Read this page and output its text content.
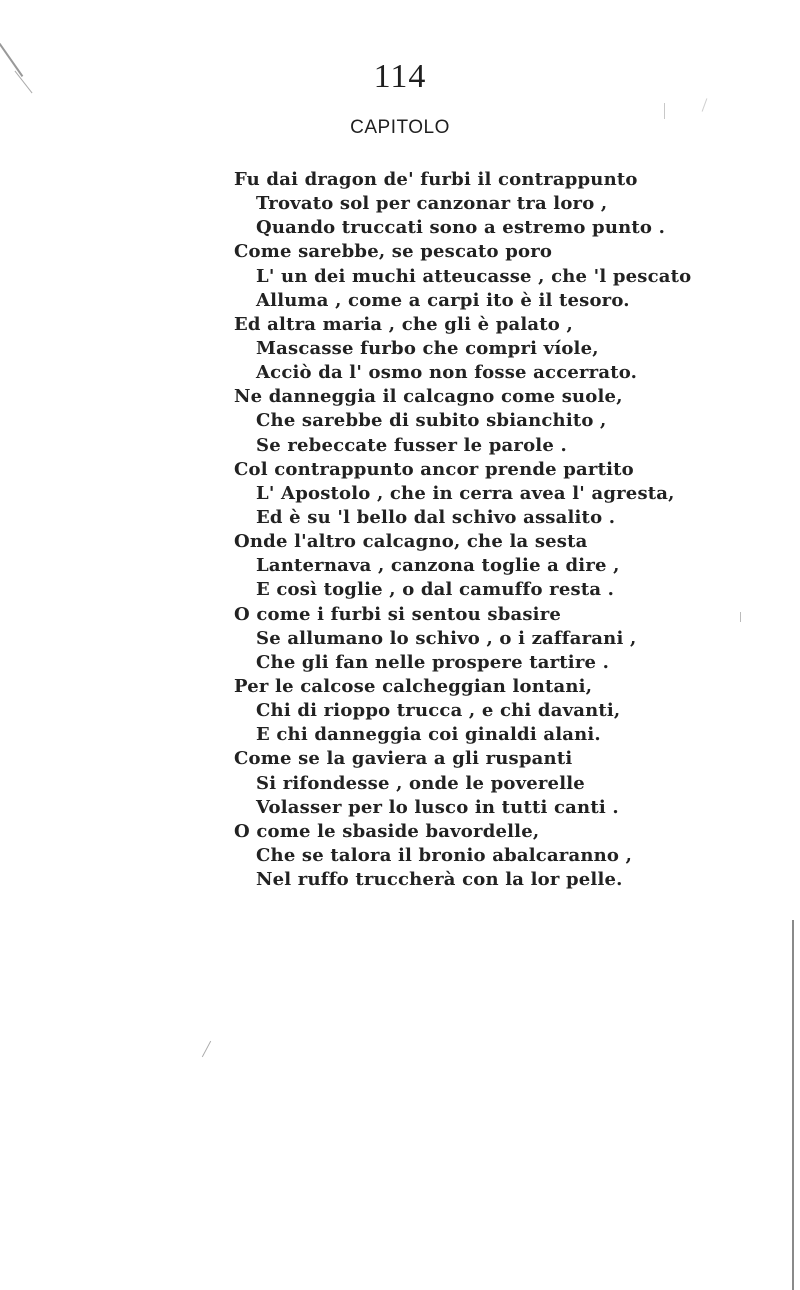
114
CAPITOLO
Fu dai dragon de' furbi il contrappunto
Trovato sol per canzonar tra loro ,
Quando truccati sono a estremo punto .
Come sarebbe, se pescato poro
L' un dei muchi atteucasse , che 'l pescato
Alluma , come a carpi ito è il tesoro.
Ed altra maria , che gli è palato ,
Mascasse furbo che compri víole,
Acciò da l' osmo non fosse accerrato.
Ne danneggia il calcagno come suole,
Che sarebbe di subito sbianchito ,
Se rebeccate fusser le parole .
Col contrappunto ancor prende partito
L' Apostolo , che in cerra avea l' agresta,
Ed è su 'l bello dal schivo assalito .
Onde l'altro calcagno, che la sesta
Lanternava , canzona toglie a dire ,
E così toglie , o dal camuffo resta .
O come i furbi si sentou sbasire
Se allumano lo schivo , o i zaffarani ,
Che gli fan nelle prospere tartire .
Per le calcose calcheggian lontani,
Chi di rioppo trucca , e chi davanti,
E chi danneggia coi ginaldi alani.
Come se la gaviera a gli ruspanti
Si rifondesse , onde le poverelle
Volasser per lo lusco in tutti canti .
O come le sbaside bavordelle,
Che se talora il bronio abalcaranno ,
Nel ruffo truccherà con la lor pelle.
